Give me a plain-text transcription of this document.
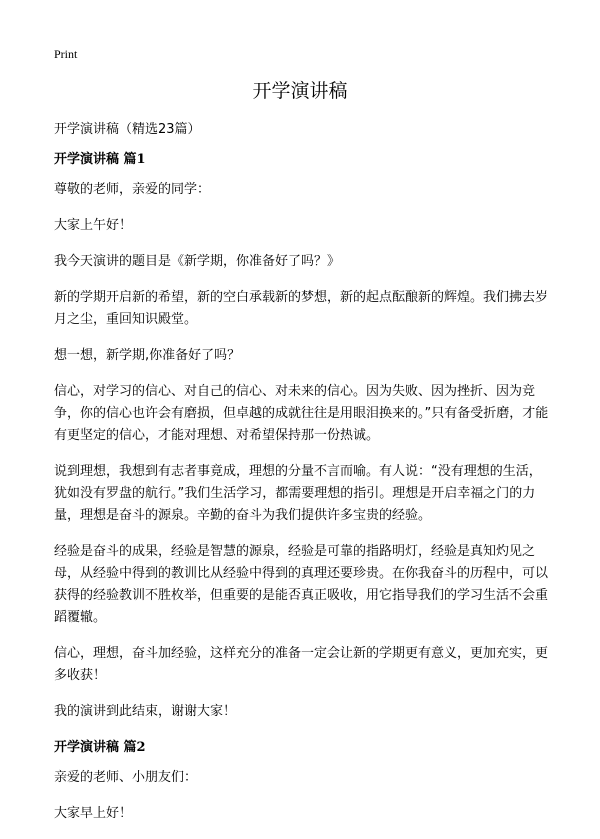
Print
开学演讲稿

开学演讲稿（精选23篇）

开学演讲稿 篇1

尊敬的老师，亲爱的同学：

大家上午好！

我今天演讲的题目是《新学期，你准备好了吗？》

新的学期开启新的希望，新的空白承载新的梦想，新的起点酝酿新的辉煌。我们拂去岁月之尘，重回知识殿堂。

想一想，新学期,你准备好了吗？

信心，对学习的信心、对自己的信心、对未来的信心。因为失败、因为挫折、因为竞争，你的信心也许会有磨损，但卓越的成就往往是用眼泪换来的。”只有备受折磨，才能有更坚定的信心，才能对理想、对希望保持那一份热诚。

说到理想，我想到有志者事竟成，理想的分量不言而喻。有人说：“没有理想的生活，犹如没有罗盘的航行。”我们生活学习，都需要理想的指引。理想是开启幸福之门的力量，理想是奋斗的源泉。辛勤的奋斗为我们提供许多宝贵的经验。

经验是奋斗的成果，经验是智慧的源泉，经验是可靠的指路明灯，经验是真知灼见之母，从经验中得到的教训比从经验中得到的真理还要珍贵。在你我奋斗的历程中，可以获得的经验教训不胜枚举，但重要的是能否真正吸收，用它指导我们的学习生活不会重蹈覆辙。

信心，理想，奋斗加经验，这样充分的准备一定会让新的学期更有意义，更加充实，更多收获！

我的演讲到此结束，谢谢大家！

开学演讲稿 篇2

亲爱的老师、小朋友们：

大家早上好！
